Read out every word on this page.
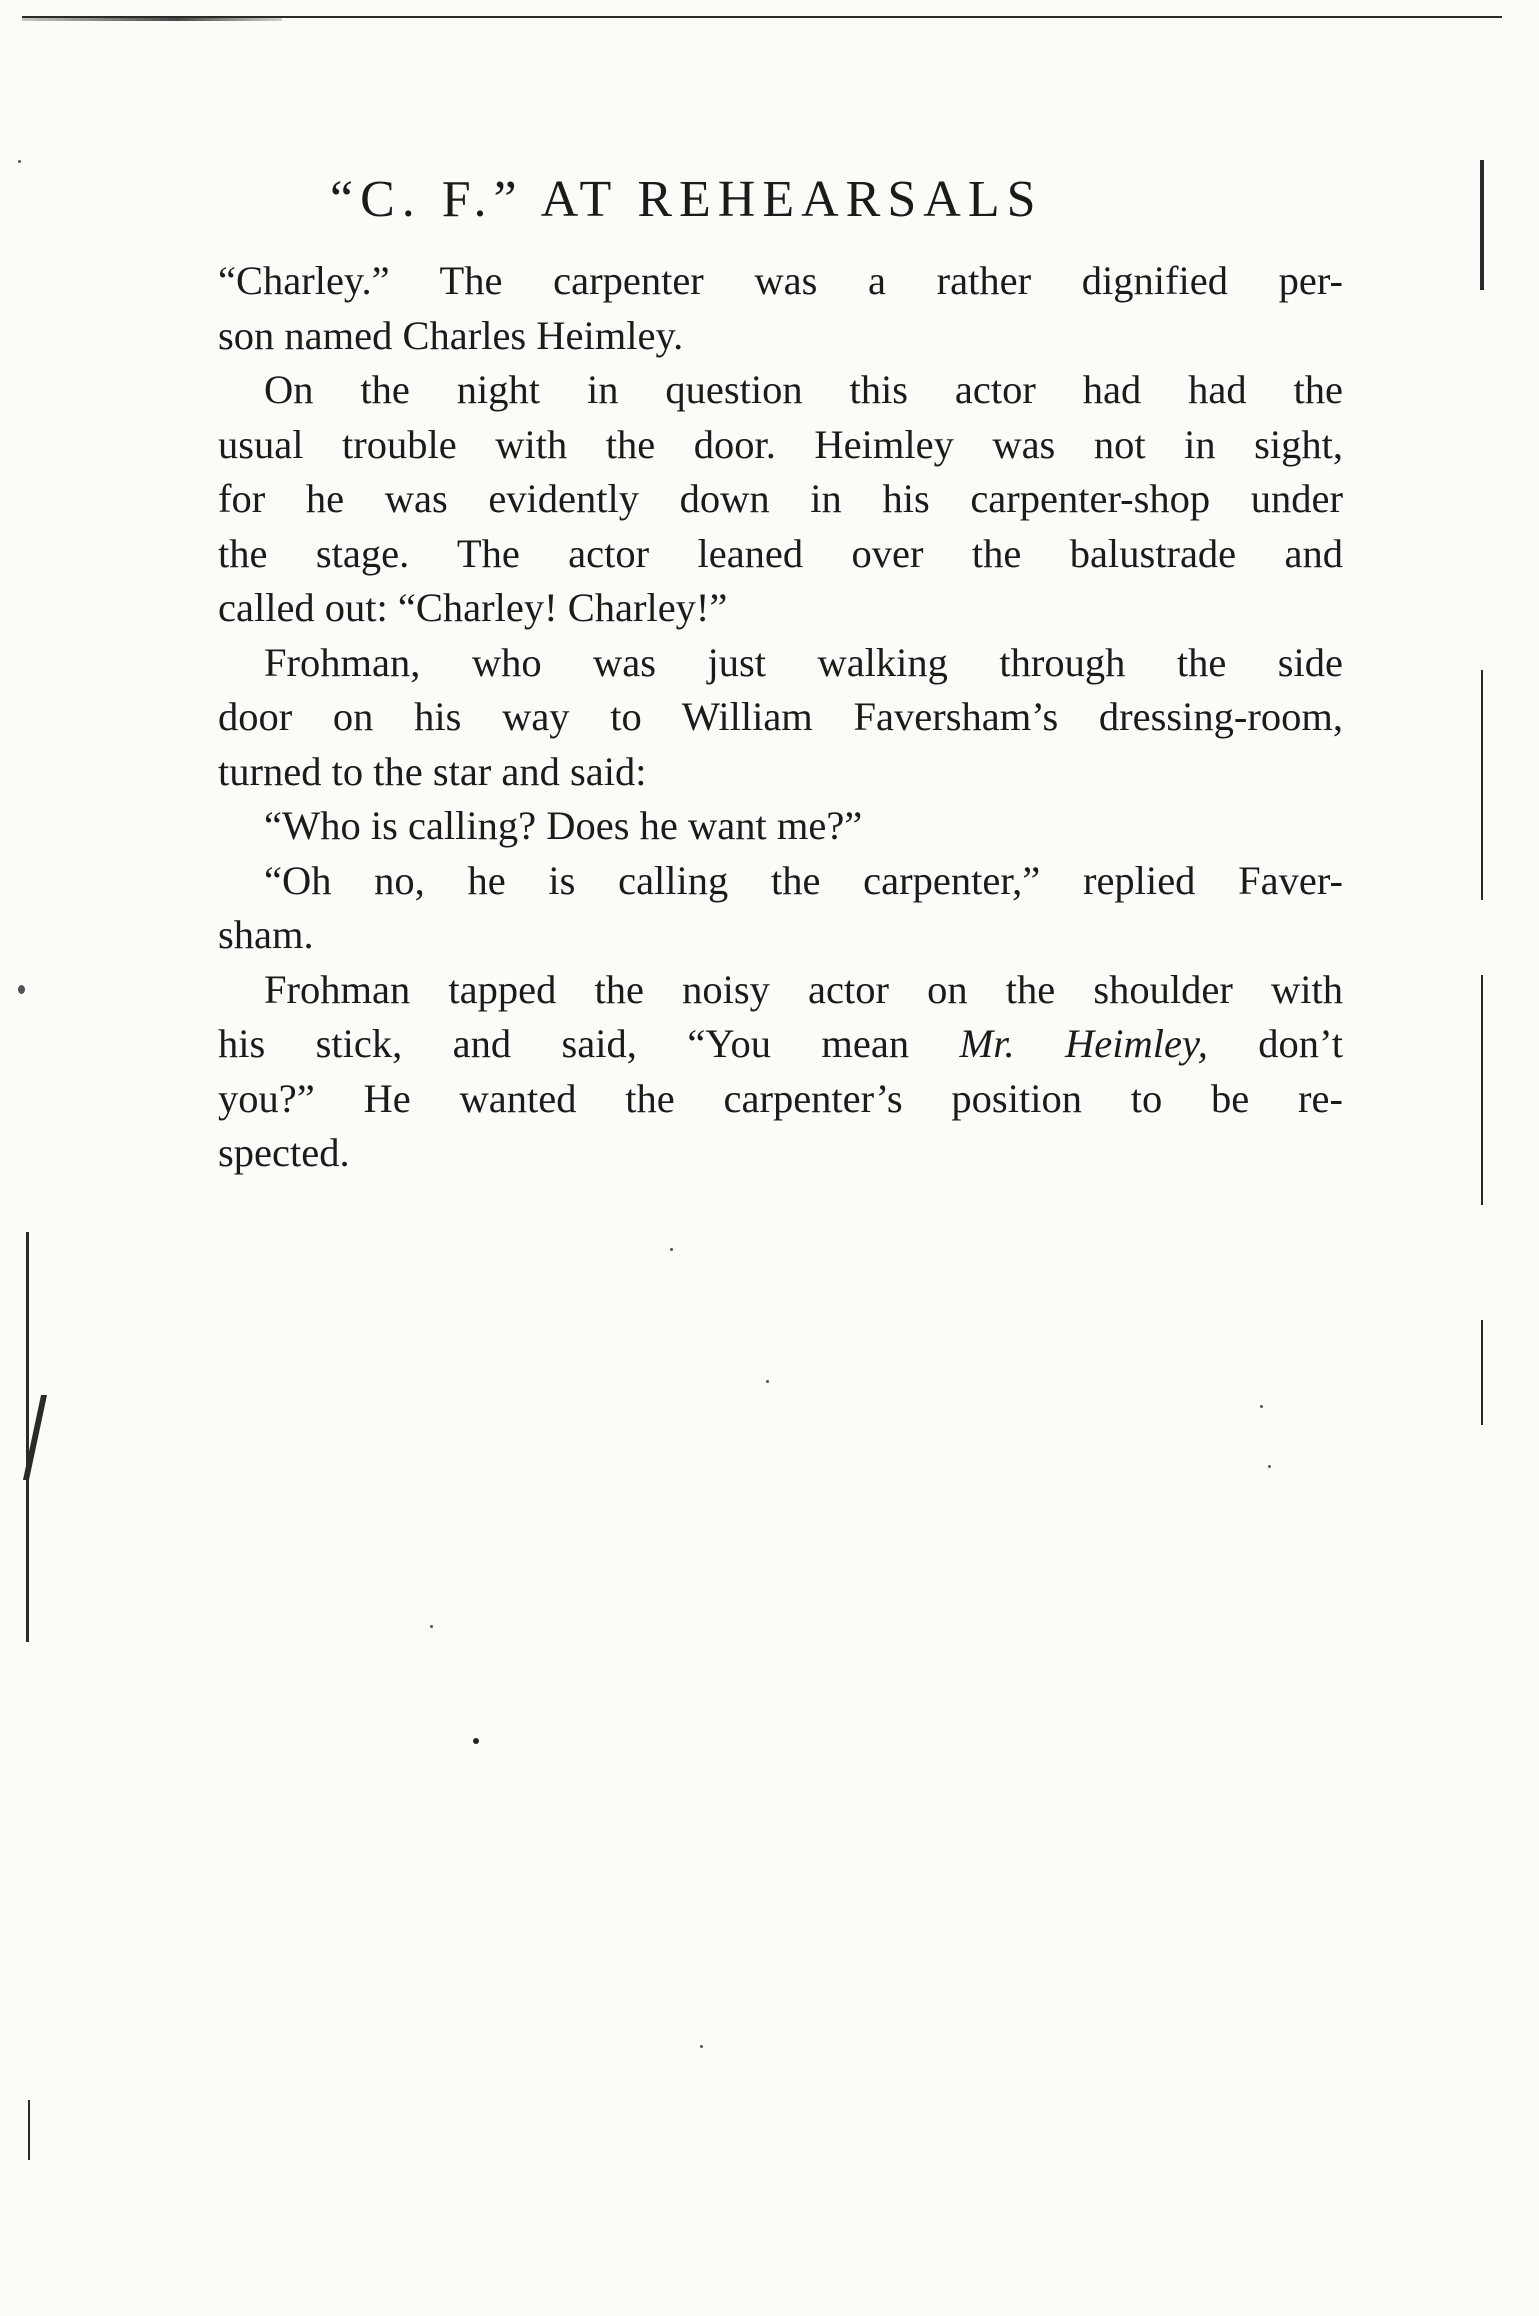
“C. F.” AT REHEARSALS
“Charley.” The carpenter was a rather dignified per-
son named Charles Heimley.
On the night in question this actor had had the
usual trouble with the door. Heimley was not in sight,
for he was evidently down in his carpenter-shop under
the stage. The actor leaned over the balustrade and
called out: “Charley! Charley!”
Frohman, who was just walking through the side
door on his way to William Faversham’s dressing-room,
turned to the star and said:
“Who is calling? Does he want me?”
“Oh no, he is calling the carpenter,” replied Faver-
sham.
Frohman tapped the noisy actor on the shoulder with
his stick, and said, “You mean Mr. Heimley, don’t
you?” He wanted the carpenter’s position to be re-
spected.
